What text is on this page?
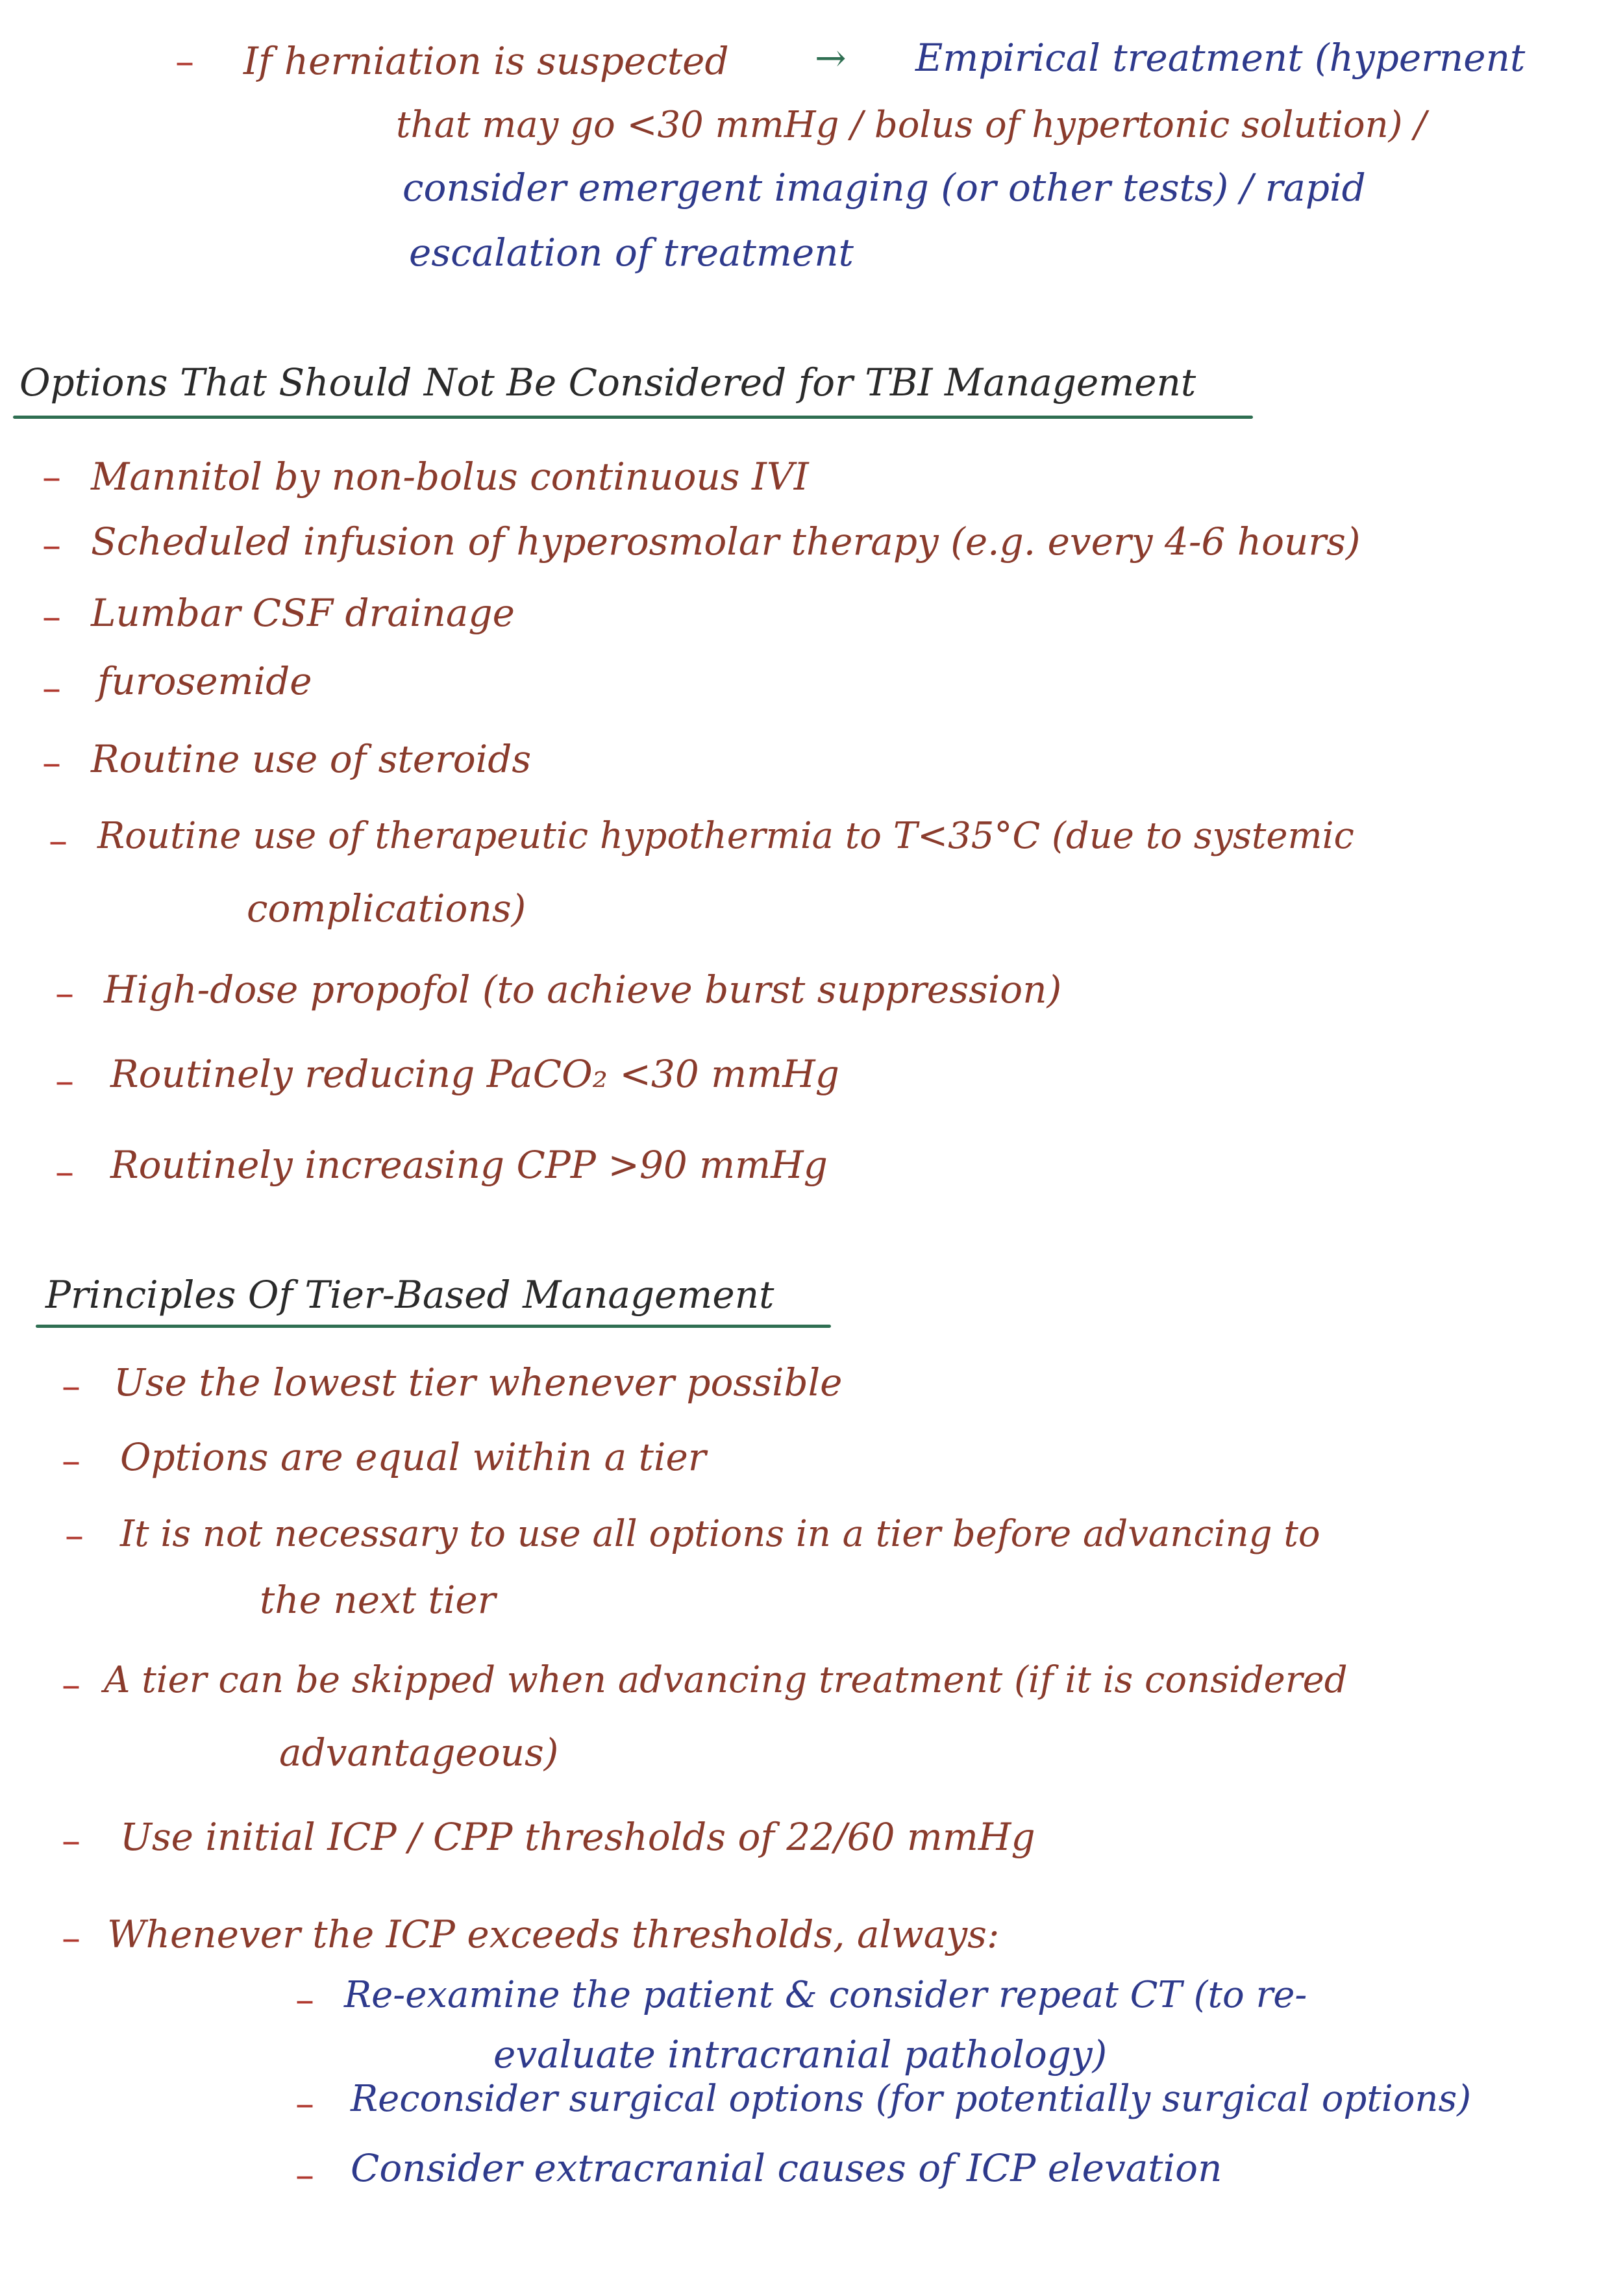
– If herniation is suspected → Empirical treatment (hypernent
that may go <30 mmHg / bolus of hypertonic solution) /
consider emergent imaging (or other tests) / rapid
escalation of treatment
Options That Should Not Be Considered for TBI Management
– Mannitol by non-bolus continuous IVI
– Scheduled infusion of hyperosmolar therapy (e.g. every 4-6 hours)
– Lumbar CSF drainage
– furosemide
– Routine use of steroids
– Routine use of therapeutic hypothermia to T<35°C (due to systemic
complications)
– High-dose propofol (to achieve burst suppression)
– Routinely reducing PaCO₂ <30 mmHg
– Routinely increasing CPP >90 mmHg
Principles Of Tier-Based Management
– Use the lowest tier whenever possible
– Options are equal within a tier
– It is not necessary to use all options in a tier before advancing to
the next tier
– A tier can be skipped when advancing treatment (if it is considered
advantageous)
– Use initial ICP / CPP thresholds of 22/60 mmHg
– Whenever the ICP exceeds thresholds, always:
– Re-examine the patient & consider repeat CT (to re-
evaluate intracranial pathology)
– Reconsider surgical options (for potentially surgical options)
– Consider extracranial causes of ICP elevation
